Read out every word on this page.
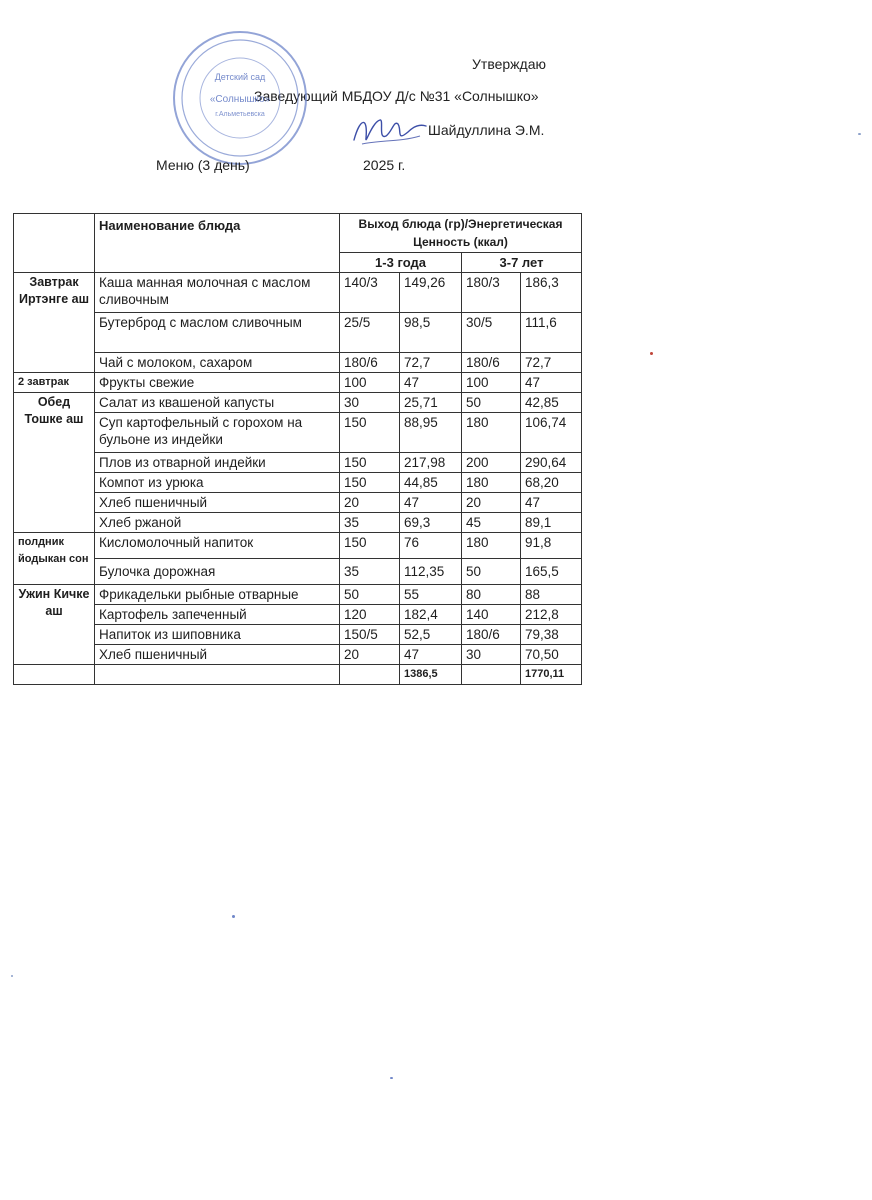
Утверждаю
Заведующий МБДОУ Д/с №31 «Солнышко»
Шайдуллина Э.М.
Детский сад
«Солнышко»
г.Альметьевска
Меню (3 день)	2025 г.
	Наименование блюда	Выход блюда (гр)/Энергетическая Ценность (ккал)			
		1-3 года		3-7 лет	
Завтрак Иртэнге аш	Каша манная молочная с маслом сливочным	140/3	149,26	180/3	186,3
	Бутерброд с маслом сливочным	25/5	98,5	30/5	111,6
	Чай с молоком, сахаром	180/6	72,7	180/6	72,7
2 завтрак	Фрукты свежие	100	47	100	47
Обед Тошке аш	Салат из квашеной капусты	30	25,71	50	42,85
	Суп картофельный с горохом на бульоне из индейки	150	88,95	180	106,74
	Плов из отварной индейки	150	217,98	200	290,64
	Компот из урюка	150	44,85	180	68,20
	Хлеб пшеничный	20	47	20	47
	Хлеб ржаной	35	69,3	45	89,1
полдник йодыкан сон	Кисломолочный напиток	150	76	180	91,8
	Булочка дорожная	35	112,35	50	165,5
Ужин Кичке аш	Фрикадельки рыбные отварные	50	55	80	88
	Картофель запеченный	120	182,4	140	212,8
	Напиток из шиповника	150/5	52,5	180/6	79,38
	Хлеб пшеничный	20	47	30	70,50
			1386,5		1770,11
